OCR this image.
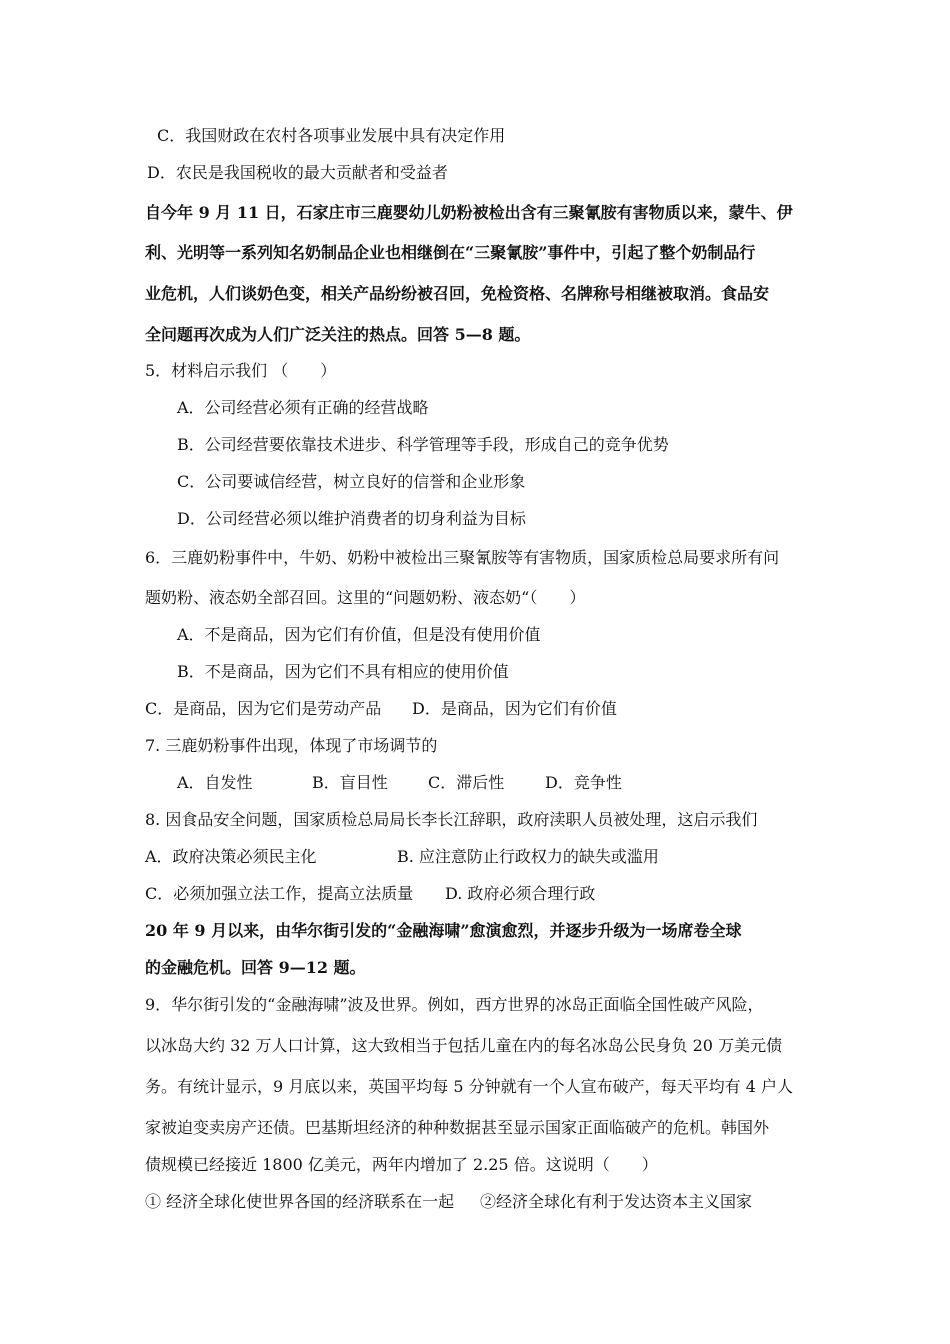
C．我国财政在农村各项事业发展中具有决定作用
D．农民是我国税收的最大贡献者和受益者
自今年 9 月 11 日，石家庄市三鹿婴幼儿奶粉被检出含有三聚氰胺有害物质以来，蒙牛、伊
利、光明等一系列知名奶制品企业也相继倒在“三聚氰胺”事件中，引起了整个奶制品行
业危机，人们谈奶色变，相关产品纷纷被召回，免检资格、名牌称号相继被取消。食品安
全问题再次成为人们广泛关注的热点。回答 5—8 题。
5．材料启示我们 （　　）
A．公司经营必须有正确的经营战略
B．公司经营要依靠技术进步、科学管理等手段，形成自己的竞争优势
C．公司要诚信经营，树立良好的信誉和企业形象
D．公司经营必须以维护消费者的切身利益为目标
6．三鹿奶粉事件中，牛奶、奶粉中被检出三聚氰胺等有害物质，国家质检总局要求所有问
题奶粉、液态奶全部召回。这里的“问题奶粉、液态奶“（　　）
A．不是商品，因为它们有价值，但是没有使用价值
B．不是商品，因为它们不具有相应的使用价值
C．是商品，因为它们是劳动产品 D．是商品，因为它们有价值
7. 三鹿奶粉事件出现，体现了市场调节的
A．自发性	B．盲目性	C．滞后性	D．竞争性
8. 因食品安全问题，国家质检总局局长李长江辞职，政府渎职人员被处理，这启示我们
A．政府决策必须民主化	B. 应注意防止行政权力的缺失或滥用
C．必须加强立法工作，提高立法质量 D. 政府必须合理行政
20 年 9 月以来，由华尔街引发的“金融海啸”愈演愈烈，并逐步升级为一场席卷全球
的金融危机。回答 9—12 题。
9．华尔街引发的“金融海啸”波及世界。例如，西方世界的冰岛正面临全国性破产风险，
以冰岛大约 32 万人口计算，这大致相当于包括儿童在内的每名冰岛公民身负 20 万美元债
务。有统计显示，9 月底以来，英国平均每 5 分钟就有一个人宣布破产，每天平均有 4 户人
家被迫变卖房产还债。巴基斯坦经济的种种数据甚至显示国家正面临破产的危机。韩国外
债规模已经接近 1800 亿美元，两年内增加了 2.25 倍。这说明（　　）
① 经济全球化使世界各国的经济联系在一起 ②经济全球化有利于发达资本主义国家
